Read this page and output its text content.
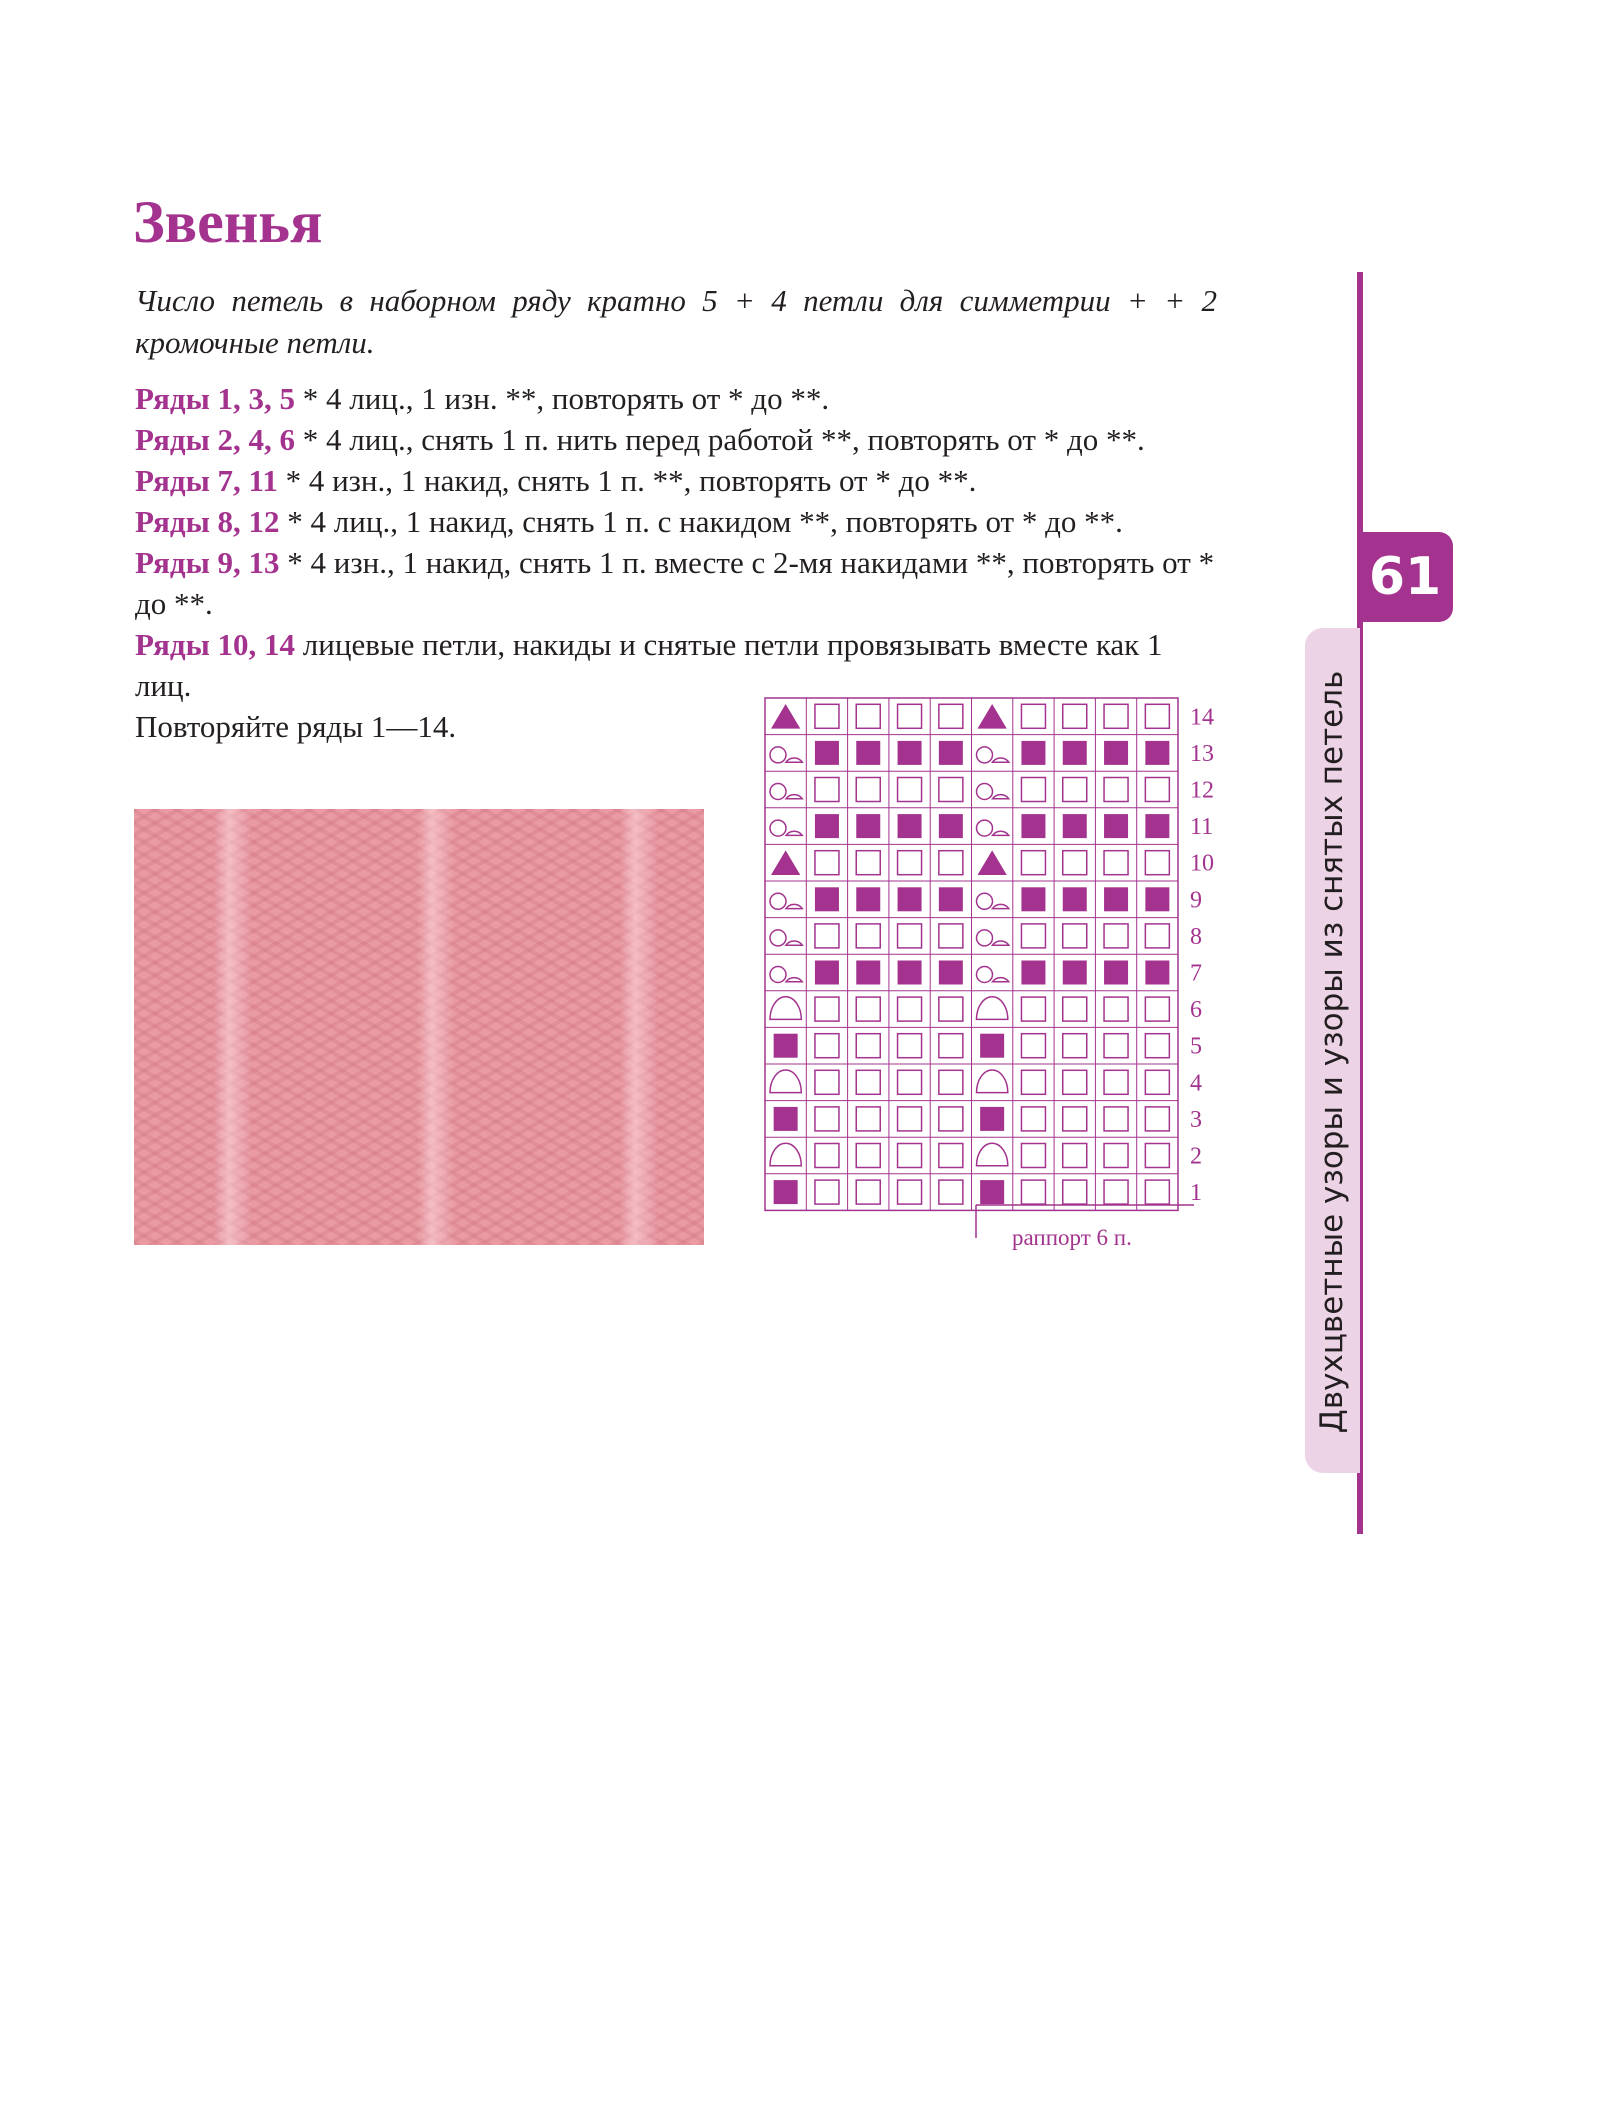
Звенья
Число петель в наборном ряду кратно 5 + 4 петли для симметрии + + 2 кромочные петли.

Ряды 1, 3, 5 * 4 лиц., 1 изн. **, повторять от * до **.

Ряды 2, 4, 6 * 4 лиц., снять 1 п. нить перед работой **, повторять от * до **.

Ряды 7, 11 * 4 изн., 1 накид, снять 1 п. **, повторять от * до **.

Ряды 8, 12 * 4 лиц., 1 накид, снять 1 п. с накидом **, повторять от * до **.

Ряды 9, 13 * 4 изн., 1 накид, снять 1 п. вместе с 2-мя накидами **, повторять от * до **.

Ряды 10, 14 лицевые петли, накиды и снятые петли провязывать вместе как 1 лиц.

Повторяйте ряды 1—14.	14
13
12
11
10
9
8
7
6
5
4
3
2
1
раппорт 6 п.	Двухцветные узоры и узоры из снятых петель
61
